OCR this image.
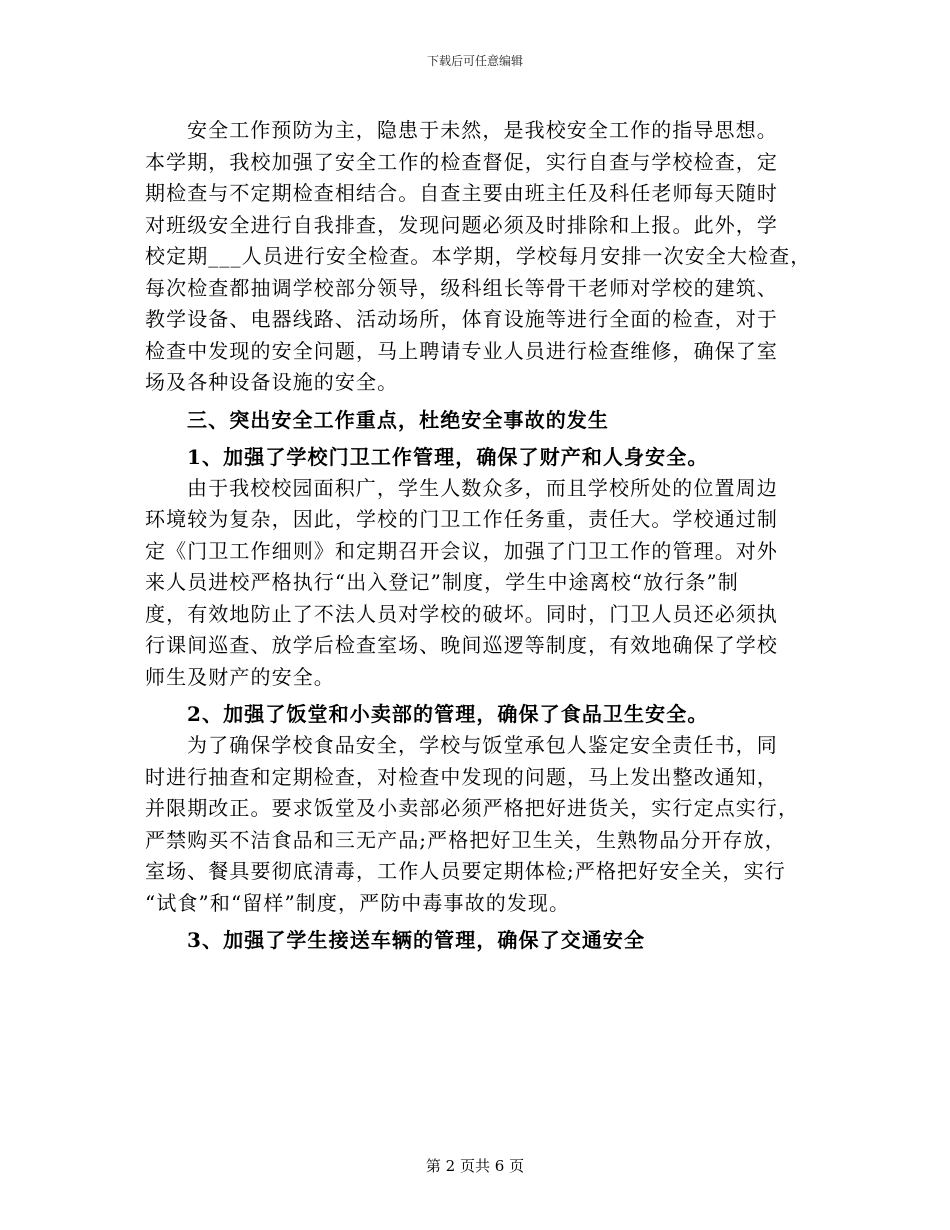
下载后可任意编辑
安全工作预防为主，隐患于未然，是我校安全工作的指导思想。
本学期，我校加强了安全工作的检查督促，实行自查与学校检查，定
期检查与不定期检查相结合。自查主要由班主任及科任老师每天随时
对班级安全进行自我排查，发现问题必须及时排除和上报。此外，学
校定期___人员进行安全检查。本学期，学校每月安排一次安全大检查，
每次检查都抽调学校部分领导，级科组长等骨干老师对学校的建筑、
教学设备、电器线路、活动场所，体育设施等进行全面的检查，对于
检查中发现的安全问题，马上聘请专业人员进行检查维修，确保了室
场及各种设备设施的安全。
三、突出安全工作重点，杜绝安全事故的发生
1、加强了学校门卫工作管理，确保了财产和人身安全。
由于我校校园面积广，学生人数众多，而且学校所处的位置周边
环境较为复杂，因此，学校的门卫工作任务重，责任大。学校通过制
定《门卫工作细则》和定期召开会议，加强了门卫工作的管理。对外
来人员进校严格执行“出入登记”制度，学生中途离校“放行条”制
度，有效地防止了不法人员对学校的破坏。同时，门卫人员还必须执
行课间巡查、放学后检查室场、晚间巡逻等制度，有效地确保了学校
师生及财产的安全。
2、加强了饭堂和小卖部的管理，确保了食品卫生安全。
为了确保学校食品安全，学校与饭堂承包人鉴定安全责任书，同
时进行抽查和定期检查，对检查中发现的问题，马上发出整改通知，
并限期改正。要求饭堂及小卖部必须严格把好进货关，实行定点实行，
严禁购买不洁食品和三无产品;严格把好卫生关，生熟物品分开存放，
室场、餐具要彻底清毒，工作人员要定期体检;严格把好安全关，实行
“试食”和“留样”制度，严防中毒事故的发现。
3、加强了学生接送车辆的管理，确保了交通安全
第 2 页共 6 页
